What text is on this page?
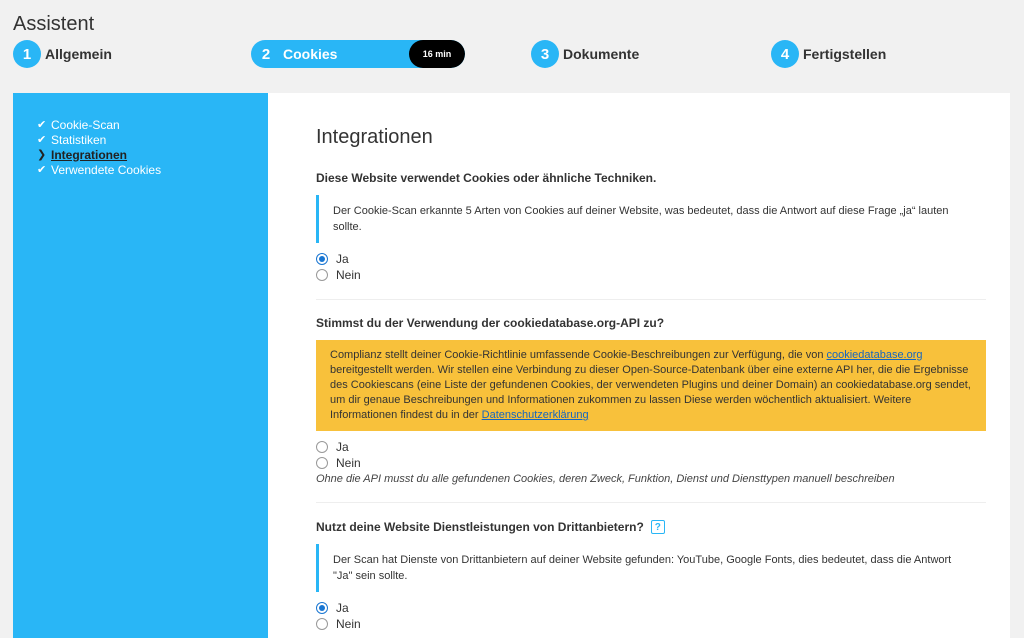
Assistent
1 Allgemein	2 Cookies	16 min	3 Dokumente	4 Fertigstellen
✔ Cookie-Scan
✔ Statistiken
❯ Integrationen
✔ Verwendete Cookies
Integrationen
Diese Website verwendet Cookies oder ähnliche Techniken.
Der Cookie-Scan erkannte 5 Arten von Cookies auf deiner Website, was bedeutet, dass die Antwort auf diese Frage „ja“ lauten sollte.
Ja
Nein
Stimmst du der Verwendung der cookiedatabase.org-API zu?
Complianz stellt deiner Cookie-Richtlinie umfassende Cookie-Beschreibungen zur Verfügung, die von cookiedatabase.org bereitgestellt werden. Wir stellen eine Verbindung zu dieser Open-Source-Datenbank über eine externe API her, die die Ergebnisse des Cookiescans (eine Liste der gefundenen Cookies, der verwendeten Plugins und deiner Domain) an cookiedatabase.org sendet, um dir genaue Beschreibungen und Informationen zukommen zu lassen Diese werden wöchentlich aktualisiert. Weitere Informationen findest du in der Datenschutzerklärung
Ja
Nein
Ohne die API musst du alle gefundenen Cookies, deren Zweck, Funktion, Dienst und Diensttypen manuell beschreiben
Nutzt deine Website Dienstleistungen von Drittanbietern?	?
Der Scan hat Dienste von Drittanbietern auf deiner Website gefunden: YouTube, Google Fonts, dies bedeutet, dass die Antwort "Ja" sein sollte.
Ja
Nein
